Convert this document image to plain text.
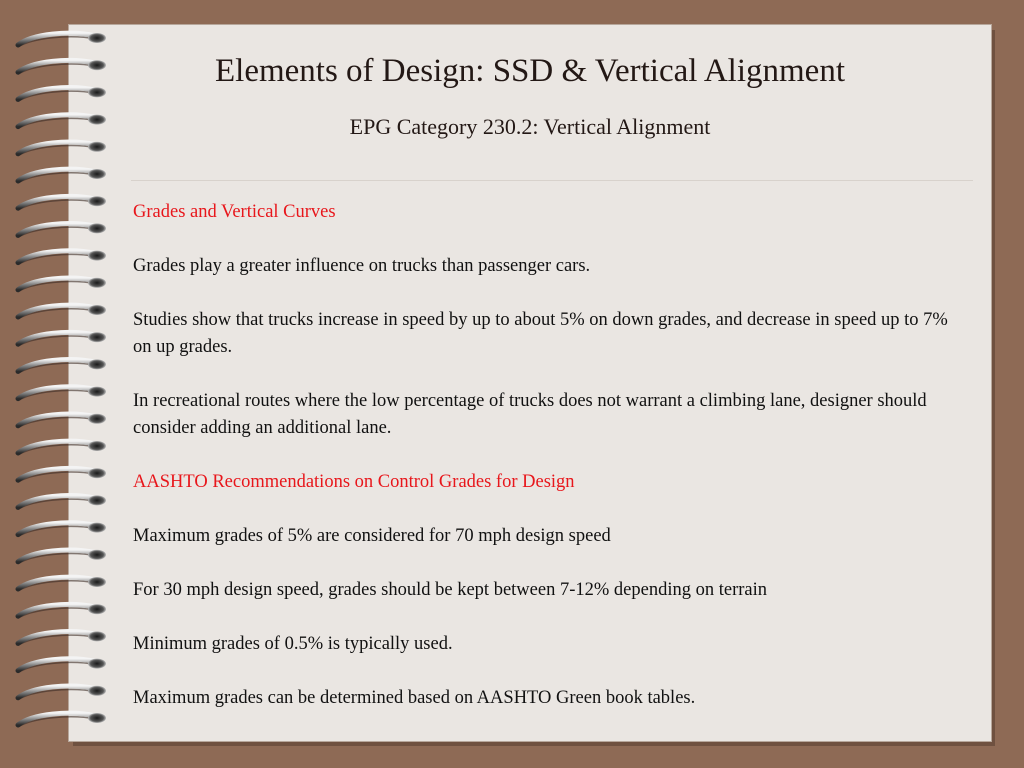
Elements of Design: SSD & Vertical Alignment
EPG Category 230.2: Vertical Alignment

Grades and Vertical Curves

Grades play a greater influence on trucks than passenger cars.

Studies show that trucks increase in speed by up to about 5% on down grades, and decrease in speed up to 7% on up grades.

In recreational routes where the low percentage of trucks does not warrant a climbing lane, designer should consider adding an additional lane.

AASHTO Recommendations on Control Grades for Design

Maximum grades of 5% are considered for 70 mph design speed

For 30 mph design speed, grades should be kept between 7-12% depending on terrain

Minimum grades of 0.5% is typically used.

Maximum grades can be determined based on AASHTO Green book tables.
